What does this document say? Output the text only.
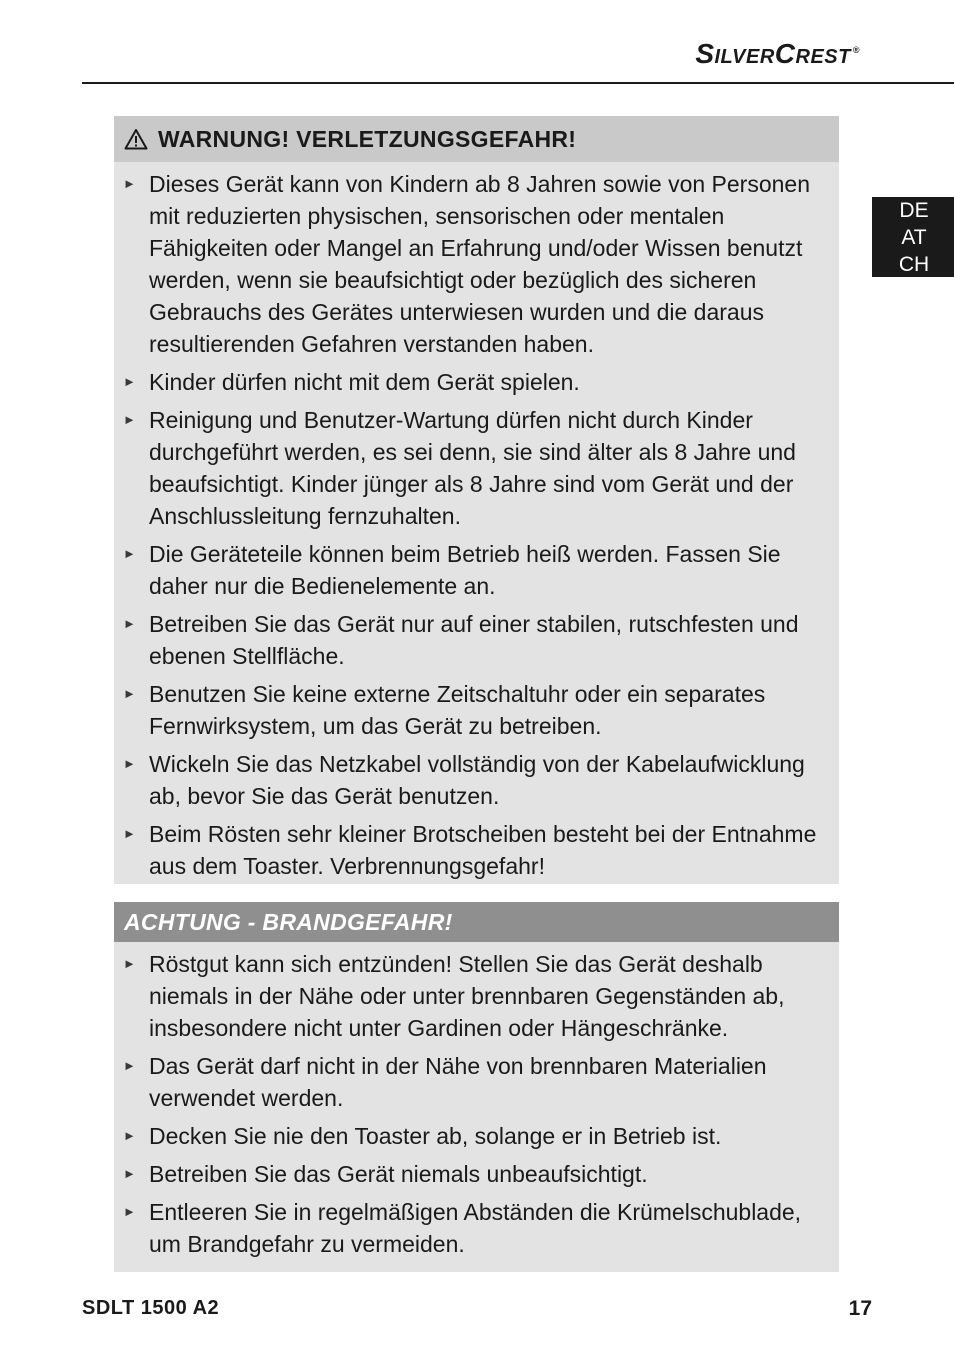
SilverCrest ®
DE
AT
CH
WARNUNG! VERLETZUNGSGEFAHR!
► Dieses Gerät kann von Kindern ab 8 Jahren sowie von Personen mit reduzierten physischen, sensorischen oder mentalen Fähigkeiten oder Mangel an Erfahrung und/oder Wissen benutzt werden, wenn sie beaufsichtigt oder bezüglich des sicheren Gebrauchs des Gerätes unterwiesen wurden und die daraus resultierenden Gefahren verstanden haben.
► Kinder dürfen nicht mit dem Gerät spielen.
► Reinigung und Benutzer-Wartung dürfen nicht durch Kinder durchgeführt werden, es sei denn, sie sind älter als 8 Jahre und beaufsichtigt. Kinder jünger als 8 Jahre sind vom Gerät und der Anschlussleitung fernzuhalten.
► Die Geräteteile können beim Betrieb heiß werden. Fassen Sie daher nur die Bedienelemente an.
► Betreiben Sie das Gerät nur auf einer stabilen, rutschfesten und ebenen Stellfläche.
► Benutzen Sie keine externe Zeitschaltuhr oder ein separates Fernwirksystem, um das Gerät zu betreiben.
► Wickeln Sie das Netzkabel vollständig von der Kabelaufwicklung ab, bevor Sie das Gerät benutzen.
► Beim Rösten sehr kleiner Brotscheiben besteht bei der Entnahme aus dem Toaster. Verbrennungsgefahr!
ACHTUNG - BRANDGEFAHR!
► Röstgut kann sich entzünden! Stellen Sie das Gerät deshalb niemals in der Nähe oder unter brennbaren Gegenständen ab, insbesondere nicht unter Gardinen oder Hängeschränke.
► Das Gerät darf nicht in der Nähe von brennbaren Materialien verwendet werden.
► Decken Sie nie den Toaster ab, solange er in Betrieb ist.
► Betreiben Sie das Gerät niemals unbeaufsichtigt.
► Entleeren Sie in regelmäßigen Abständen die Krümelschublade, um Brandgefahr zu vermeiden.
SDLT 1500 A2	17
